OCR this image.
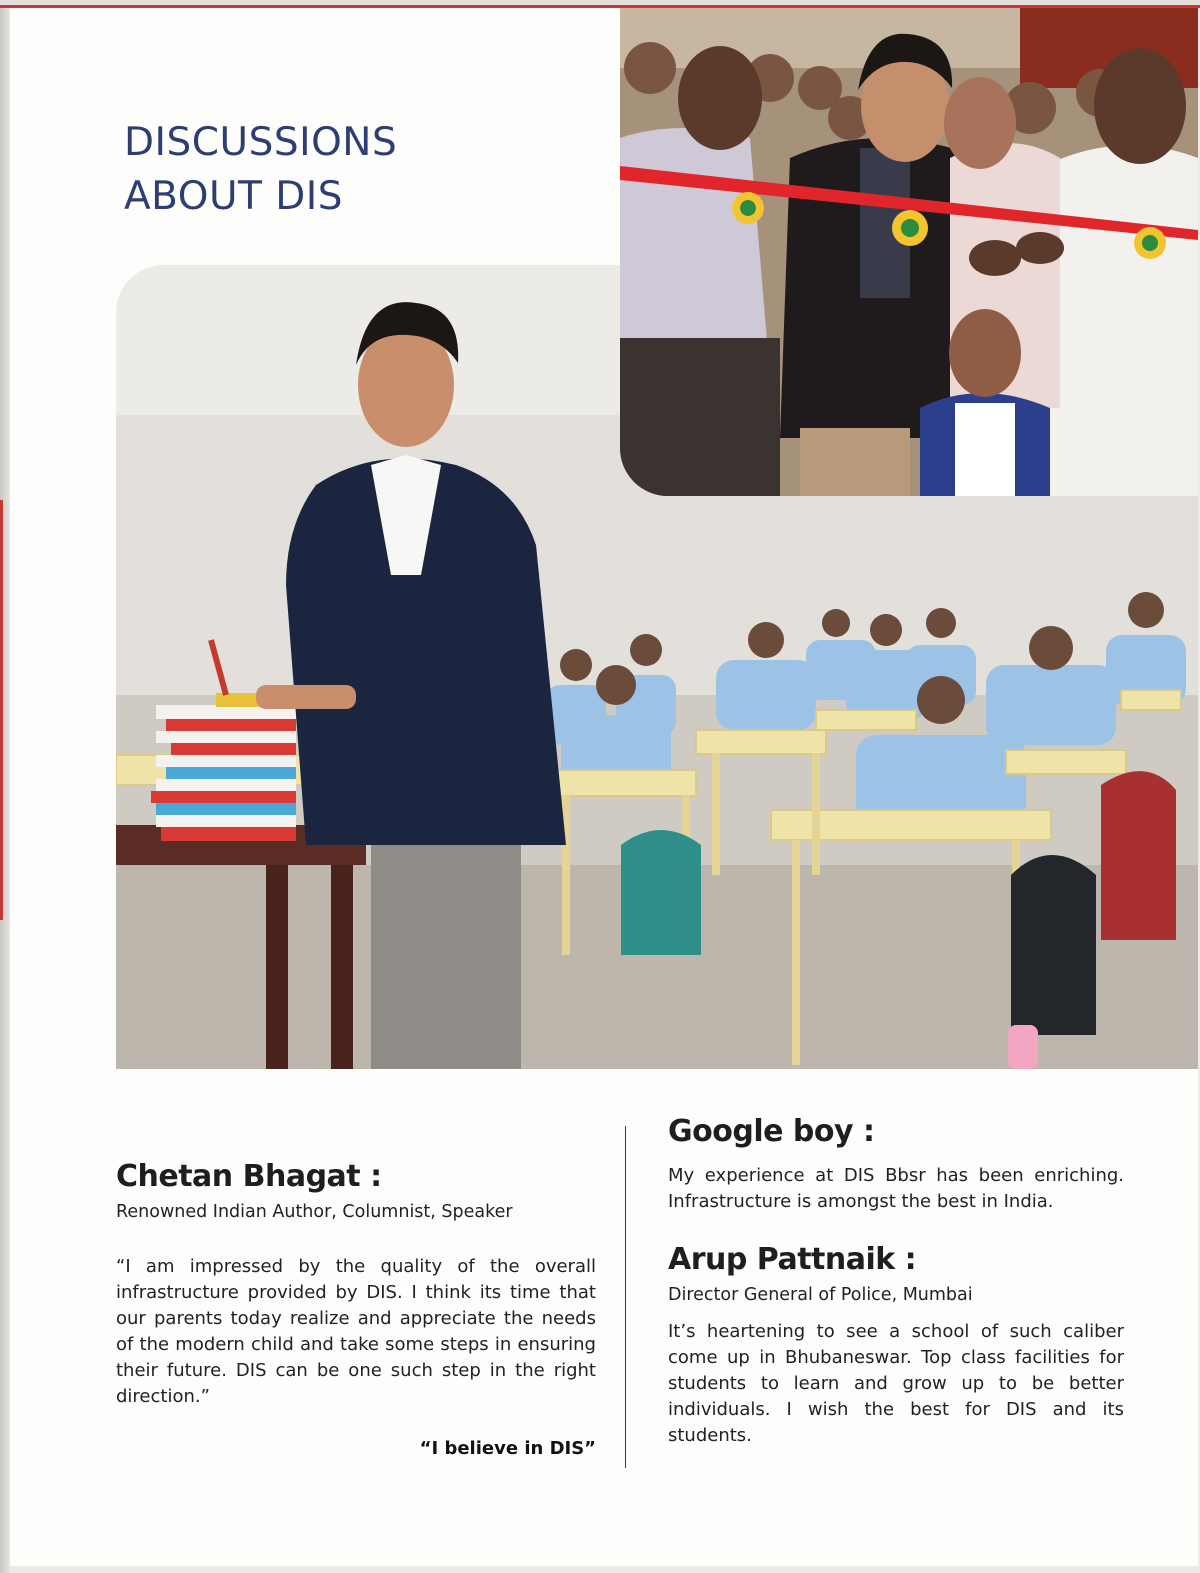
DISCUSSIONS
ABOUT DIS
Chetan Bhagat :

Renowned Indian Author, Columnist, Speaker

“I am impressed by the quality of the overall infrastructure provided by DIS. I think its time that our parents today realize and appreciate the needs of the modern child and take some steps in ensuring their future. DIS can be one such step in the right direction.”

“I believe in DIS”

Google boy :

My experience at DIS Bbsr has been enriching. Infrastructure is amongst the best in India.

Arup Pattnaik :

Director General of Police, Mumbai

It’s heartening to see a school of such caliber come up in Bhubaneswar. Top class facilities for students to learn and grow up to be better individuals. I wish the best for DIS and its students.
